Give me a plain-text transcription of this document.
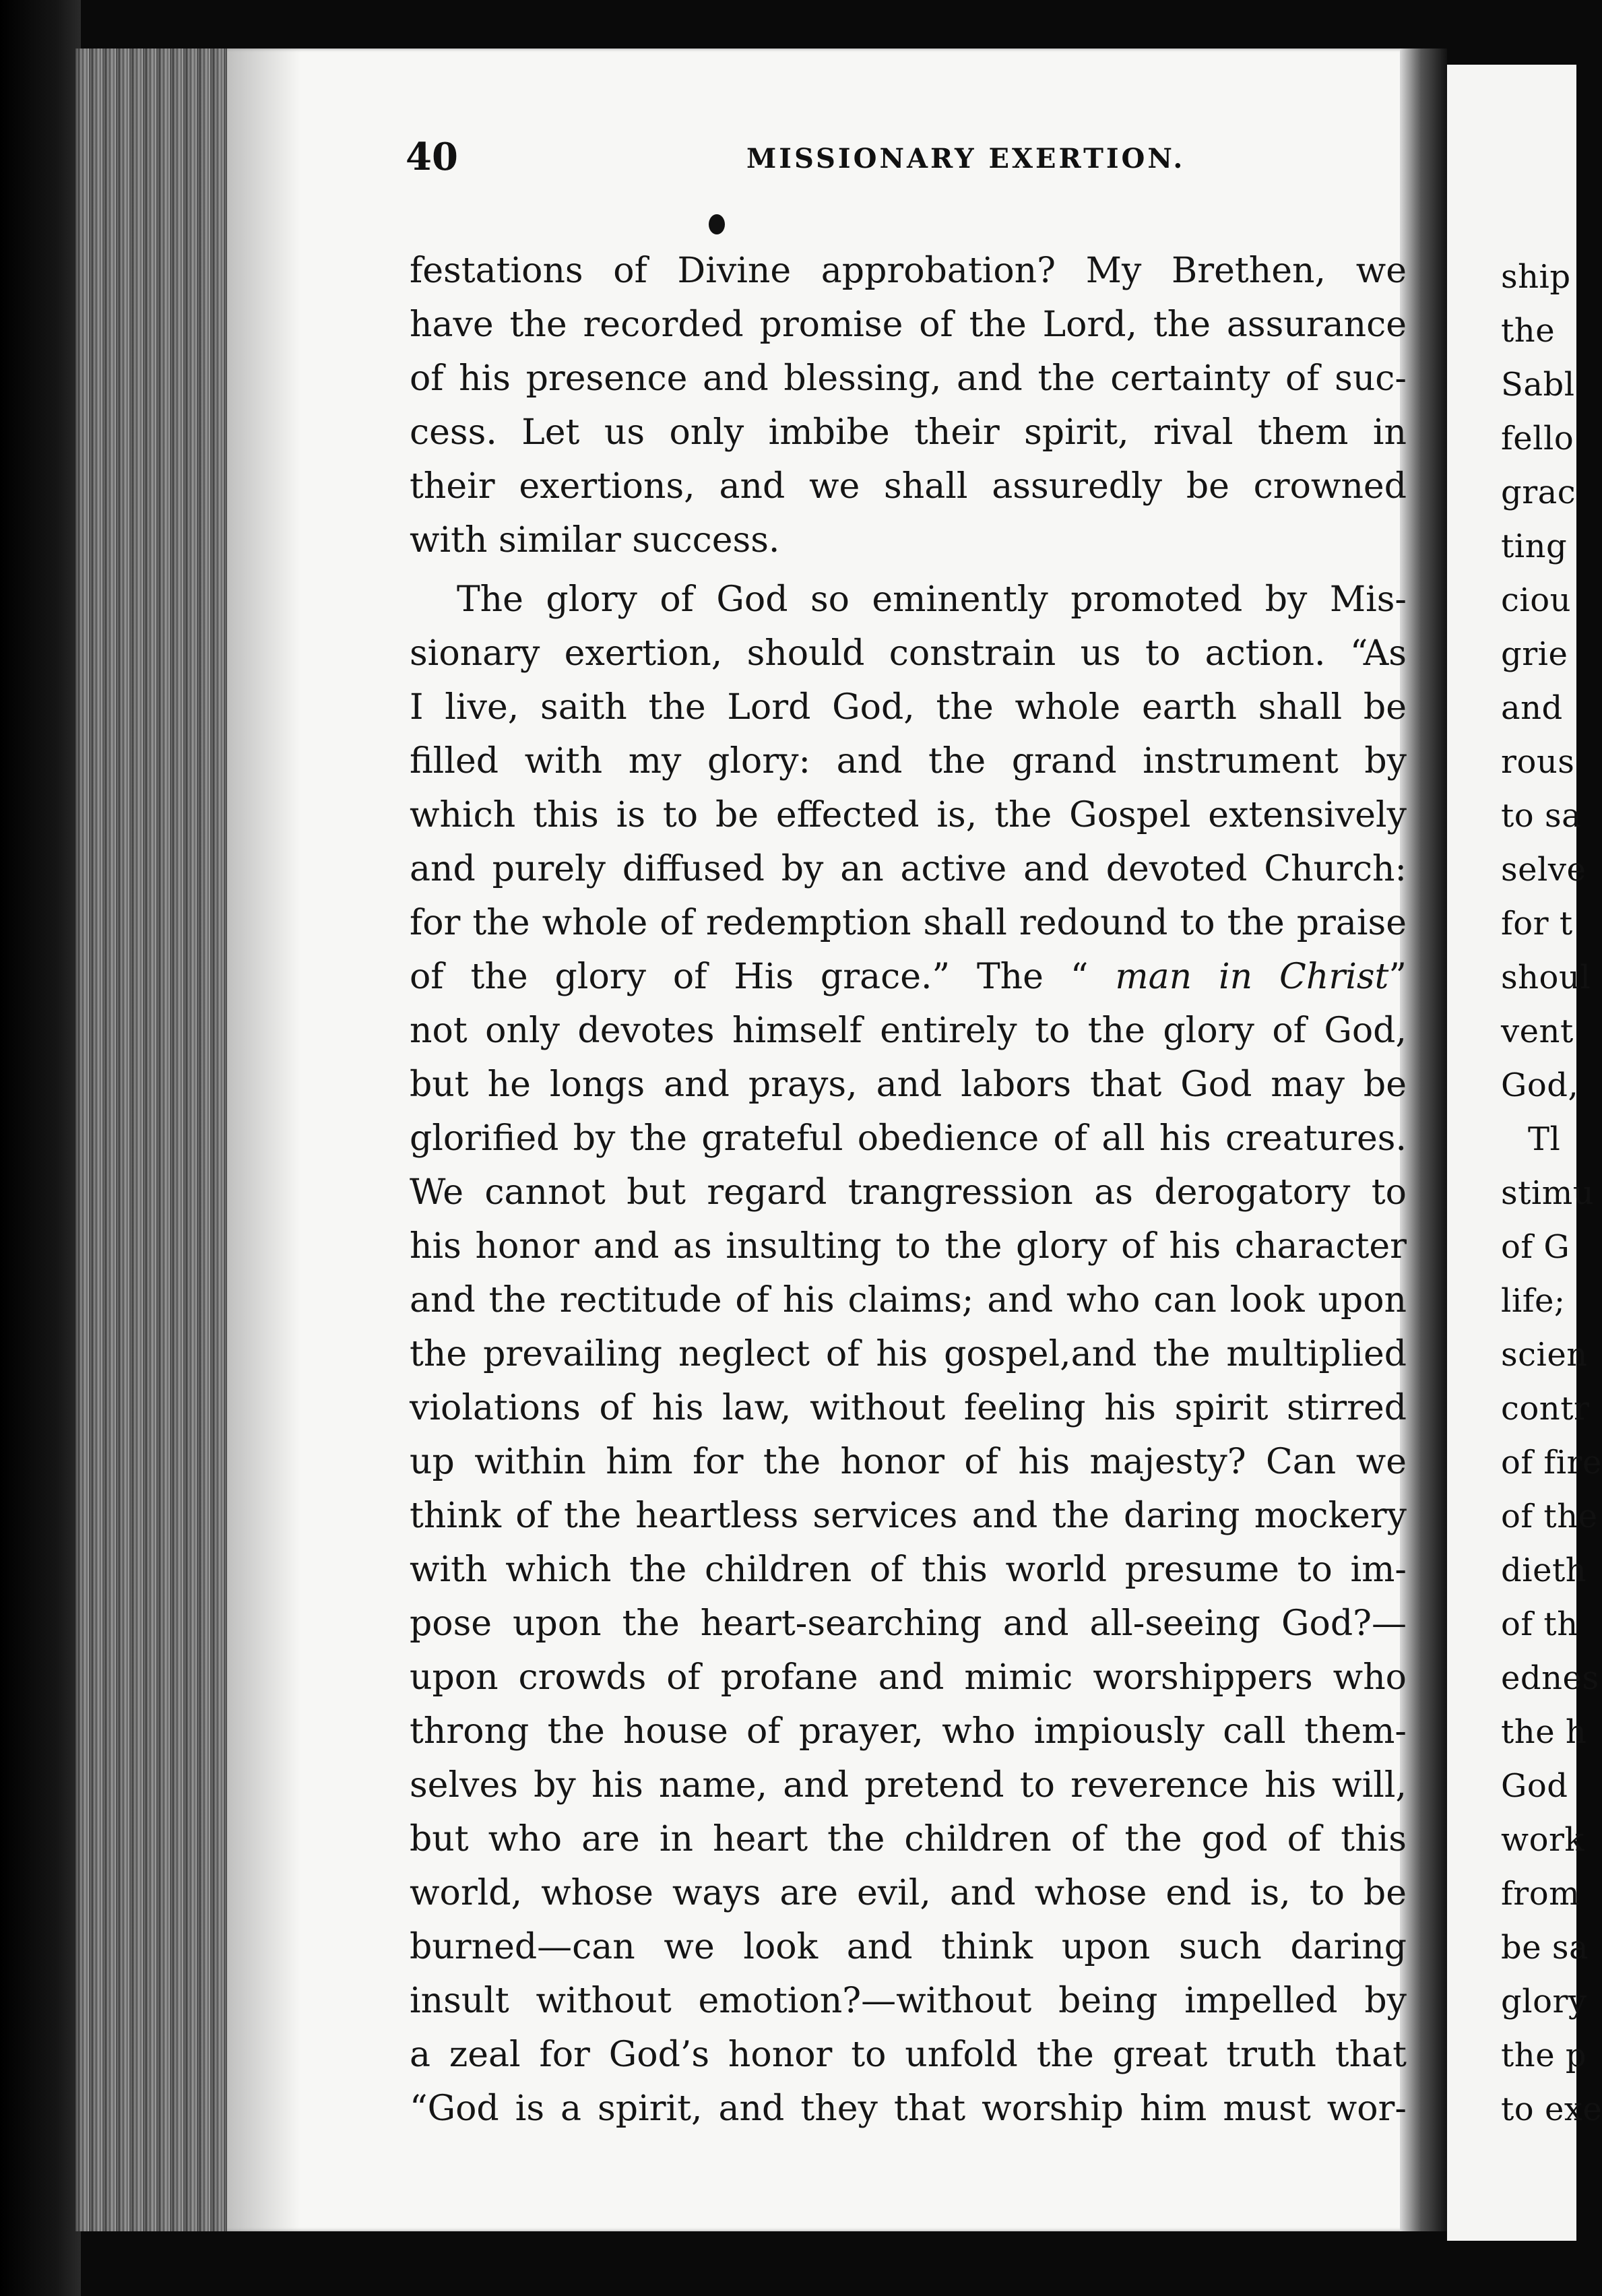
40	MISSIONARY EXERTION.
festations of Divine approbation? My Brethen, we
have the recorded promise of the Lord, the assurance
of his presence and blessing, and the certainty of suc-
cess. Let us only imbibe their spirit, rival them in
their exertions, and we shall assuredly be crowned
with similar success.
The glory of God so eminently promoted by Mis-
sionary exertion, should constrain us to action. “As
I live, saith the Lord God, the whole earth shall be
filled with my glory: and the grand instrument by
which this is to be effected is, the Gospel extensively
and purely diffused by an active and devoted Church:
for the whole of redemption shall redound to the praise
of the glory of His grace.” The “ man in Christ”
not only devotes himself entirely to the glory of God,
but he longs and prays, and labors that God may be
glorified by the grateful obedience of all his creatures.
We cannot but regard trangression as derogatory to
his honor and as insulting to the glory of his character
and the rectitude of his claims; and who can look upon
the prevailing neglect of his gospel,and the multiplied
violations of his law, without feeling his spirit stirred
up within him for the honor of his majesty? Can we
think of the heartless services and the daring mockery
with which the children of this world presume to im-
pose upon the heart-searching and all-seeing God?—
upon crowds of profane and mimic worshippers who
throng the house of prayer, who impiously call them-
selves by his name, and pretend to reverence his will,
but who are in heart the children of the god of this
world, whose ways are evil, and whose end is, to be
burned—can we look and think upon such daring
insult without emotion?—without being impelled by
a zeal for God’s honor to unfold the great truth that
“God is a spirit, and they that worship him must wor-
ship
the
Sabl
fello
grac
ting
ciou
grie
and
rous
to sa
selve
for t
shoul
vent
God,
Tl
stimu
of G
life;
scien
contr
of fire
of the
dieth
of th
ednes
the h
God
work
from
be sa
glory
the p
to exe
